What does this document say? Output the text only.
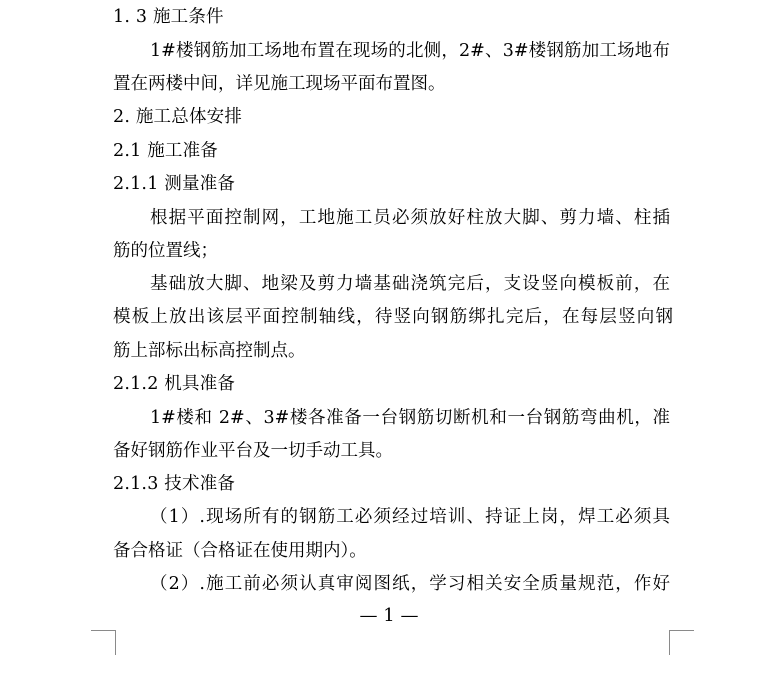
1. 3 施工条件
1#楼钢筋加工场地布置在现场的北侧，2#、3#楼钢筋加工场地布
置在两楼中间，详见施工现场平面布置图。
2. 施工总体安排
2.1 施工准备
2.1.1 测量准备
根据平面控制网，工地施工员必须放好柱放大脚、剪力墙、柱插
筋的位置线；
基础放大脚、地梁及剪力墙基础浇筑完后，支设竖向模板前，在
模板上放出该层平面控制轴线，待竖向钢筋绑扎完后，在每层竖向钢
筋上部标出标高控制点。
2.1.2 机具准备
1#楼和 2#、3#楼各准备一台钢筋切断机和一台钢筋弯曲机，准
备好钢筋作业平台及一切手动工具。
2.1.3 技术准备
（1）.现场所有的钢筋工必须经过培训、持证上岗，焊工必须具
备合格证（合格证在使用期内）。
（2）.施工前必须认真审阅图纸，学习相关安全质量规范，作好
— 1 —
